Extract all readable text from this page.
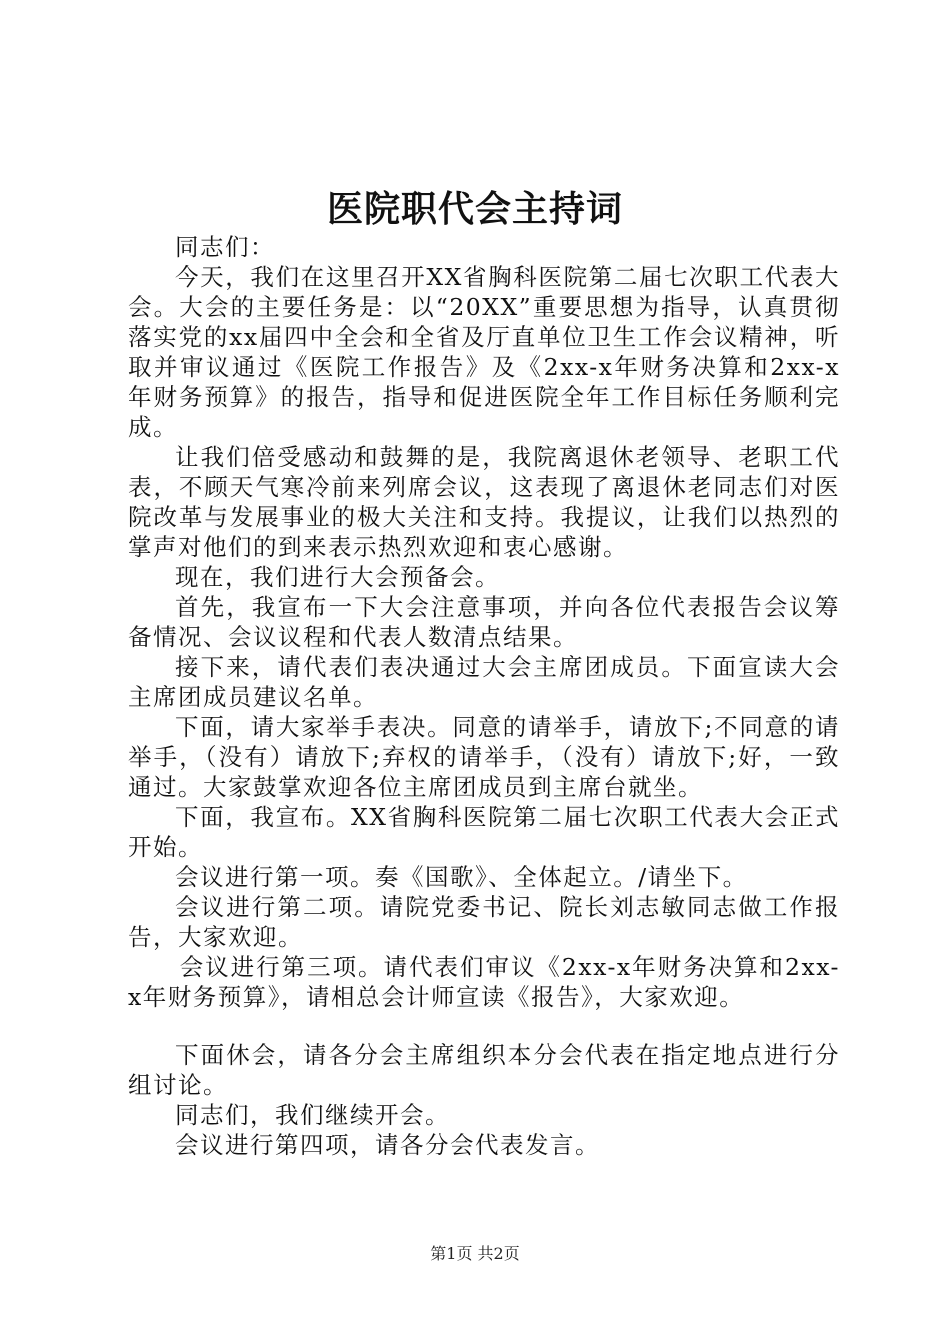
医院职代会主持词

同志们：

今天，我们在这里召开XX省胸科医院第二届七次职工代表大会。大会的主要任务是：以“20XX”重要思想为指导，认真贯彻落实党的xx届四中全会和全省及厅直单位卫生工作会议精神，听取并审议通过《医院工作报告》及《2xx-x年财务决算和2xx-x年财务预算》的报告，指导和促进医院全年工作目标任务顺利完成。

让我们倍受感动和鼓舞的是，我院离退休老领导、老职工代表，不顾天气寒冷前来列席会议，这表现了离退休老同志们对医院改革与发展事业的极大关注和支持。我提议，让我们以热烈的掌声对他们的到来表示热烈欢迎和衷心感谢。

现在，我们进行大会预备会。

首先，我宣布一下大会注意事项，并向各位代表报告会议筹备情况、会议议程和代表人数清点结果。

接下来，请代表们表决通过大会主席团成员。下面宣读大会主席团成员建议名单。

下面，请大家举手表决。同意的请举手，请放下;不同意的请举手，（没有）请放下;弃权的请举手，（没有）请放下;好，一致通过。大家鼓掌欢迎各位主席团成员到主席台就坐。

下面，我宣布。XX省胸科医院第二届七次职工代表大会正式开始。

会议进行第一项。奏《国歌》、全体起立。/请坐下。

会议进行第二项。请院党委书记、院长刘志敏同志做工作报告，大家欢迎。

会议进行第三项。请代表们审议《2xx-x年财务决算和2xx-x年财务预算》，请相总会计师宣读《报告》，大家欢迎。

下面休会，请各分会主席组织本分会代表在指定地点进行分组讨论。

同志们，我们继续开会。

会议进行第四项，请各分会代表发言。

第1页 共2页
